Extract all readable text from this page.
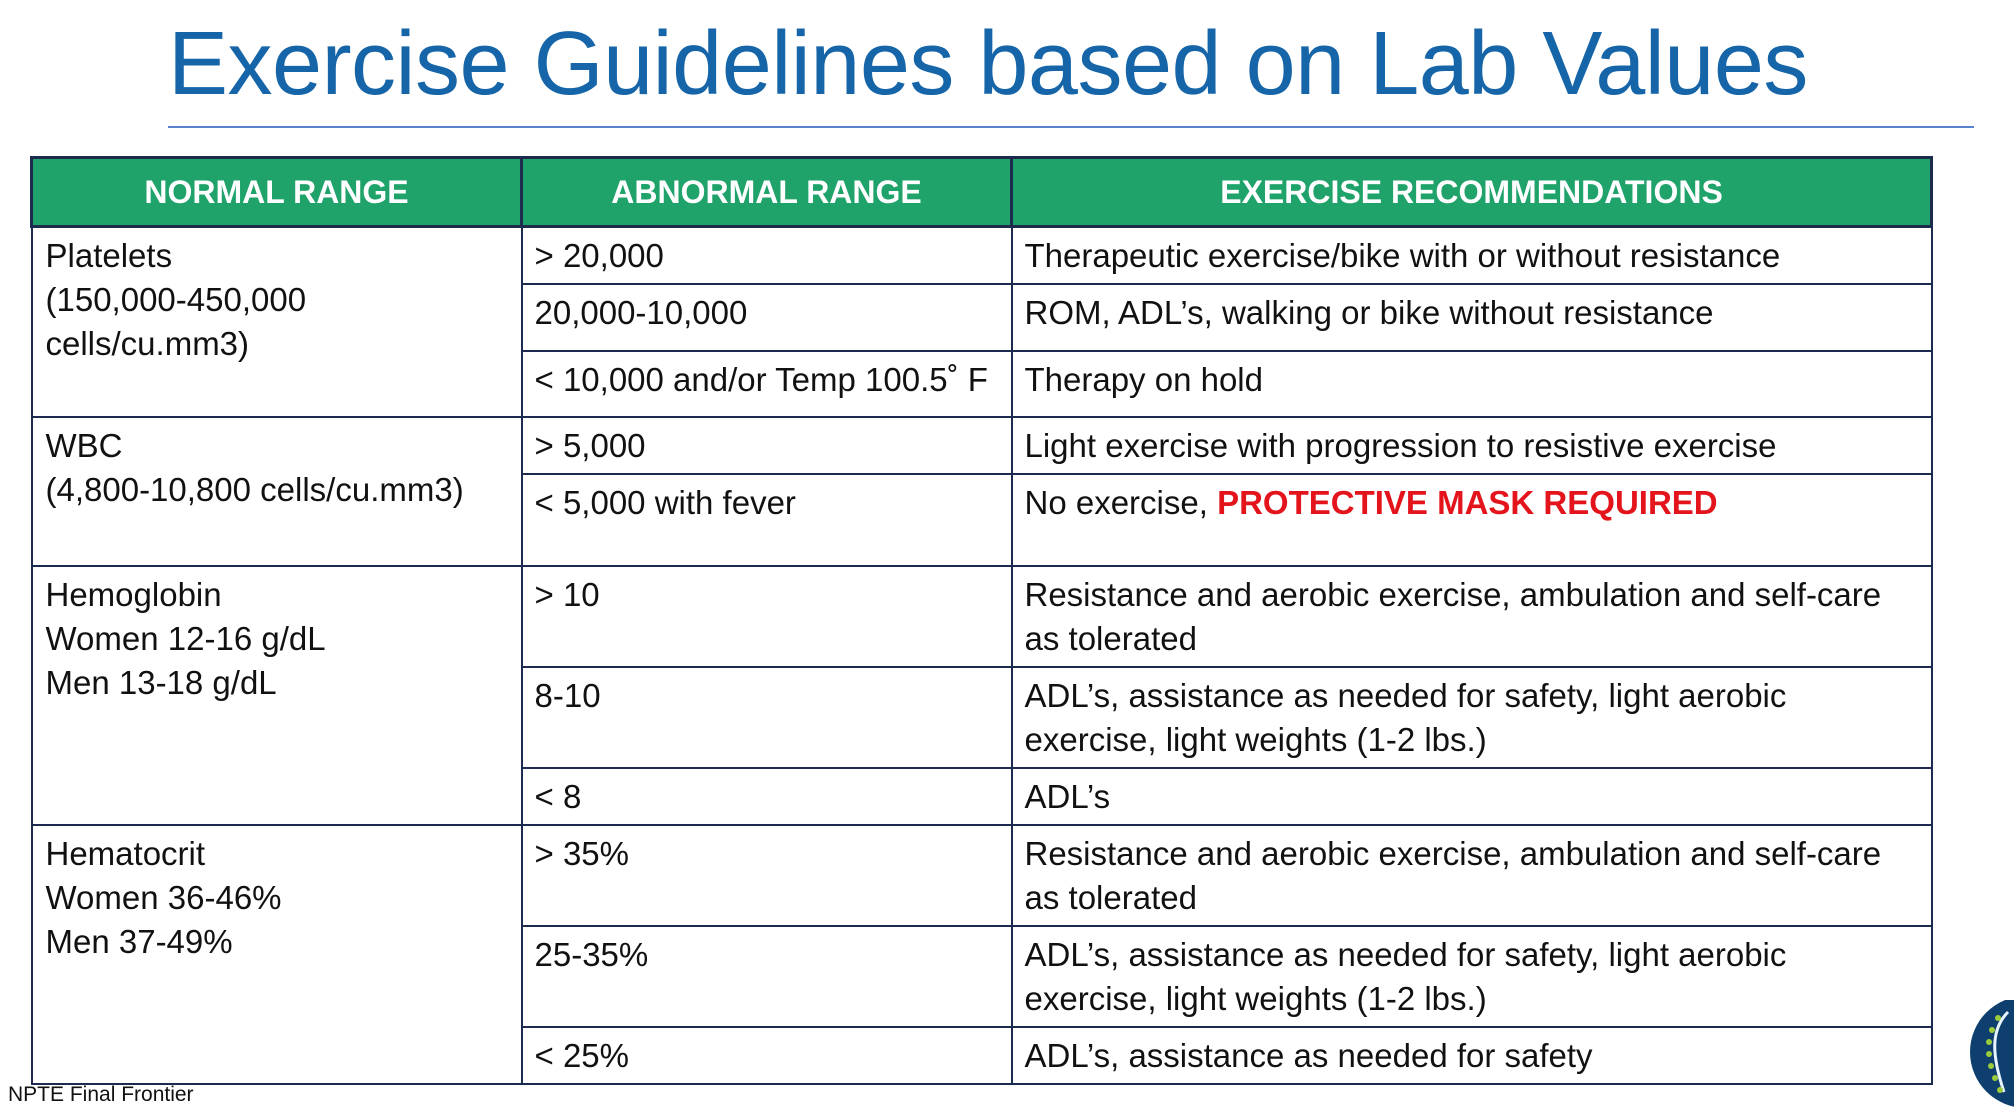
Exercise Guidelines based on Lab Values
NORMAL RANGE	ABNORMAL RANGE	EXERCISE RECOMMENDATIONS

Platelets
(150,000-450,000
cells/cu.mm3)	> 20,000	Therapeutic exercise/bike with or without resistance
	20,000-10,000	ROM, ADL’s, walking or bike without resistance
	< 10,000 and/or Temp 100.5˚ F	Therapy on hold

WBC
(4,800-10,800 cells/cu.mm3)	> 5,000	Light exercise with progression to resistive exercise
	< 5,000 with fever	No exercise, PROTECTIVE MASK REQUIRED

Hemoglobin
Women 12-16 g/dL
Men 13-18 g/dL	> 10	Resistance and aerobic exercise, ambulation and self-care as tolerated
	8-10	ADL’s, assistance as needed for safety, light aerobic exercise, light weights (1-2 lbs.)
	< 8	ADL’s

Hematocrit
Women 36-46%
Men 37-49%	> 35%	Resistance and aerobic exercise, ambulation and self-care as tolerated
	25-35%	ADL’s, assistance as needed for safety, light aerobic exercise, light weights (1-2 lbs.)
	< 25%	ADL’s, assistance as needed for safety
NPTE Final Frontier
